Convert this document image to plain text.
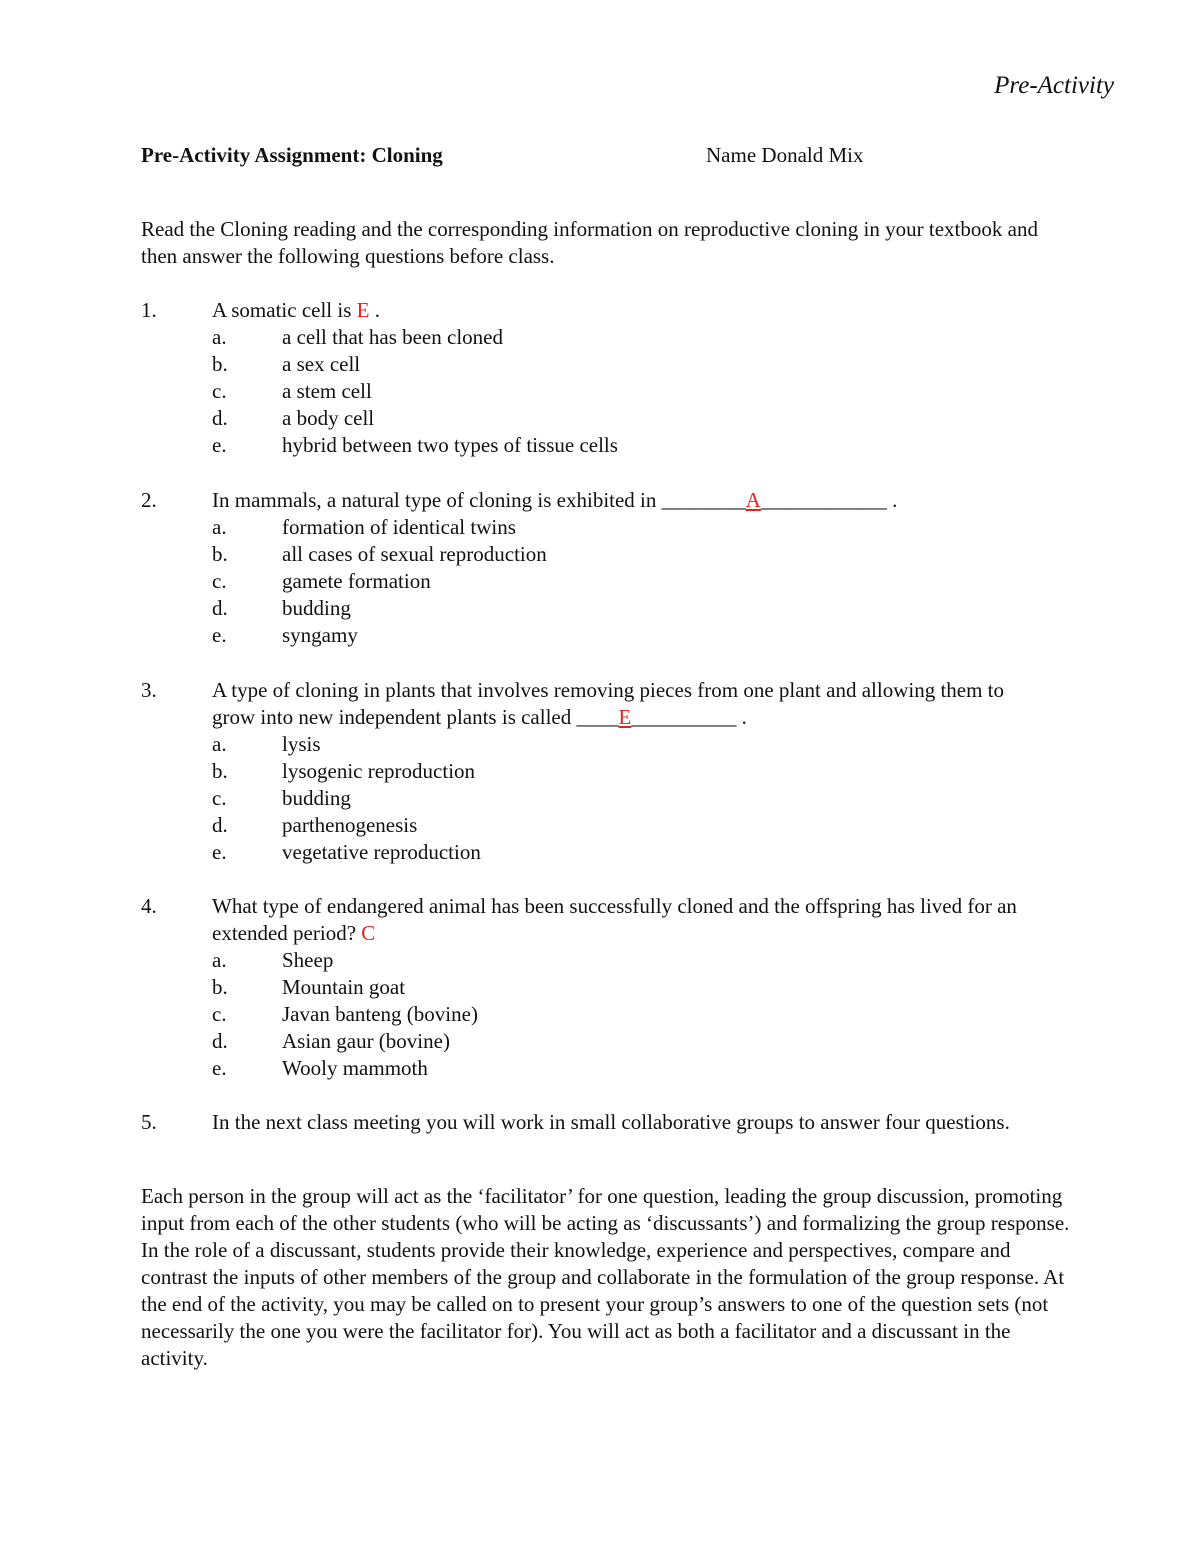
Pre-Activity
Pre-Activity Assignment: Cloning	Name Donald Mix

Read the Cloning reading and the corresponding information on reproductive cloning in your textbook and then answer the following questions before class.

1.	A somatic cell is E .
a.	a cell that has been cloned
b.	a sex cell
c.	a stem cell
d.	a body cell
e.	hybrid between two types of tissue cells
2.	In mammals, a natural type of cloning is exhibited in ________A____________ .
a.	formation of identical twins
b.	all cases of sexual reproduction
c.	gamete formation
d.	budding
e.	syngamy
3.	A type of cloning in plants that involves removing pieces from one plant and allowing them to grow into new independent plants is called ____E__________ .
a.	lysis
b.	lysogenic reproduction
c.	budding
d.	parthenogenesis
e.	vegetative reproduction
4.	What type of endangered animal has been successfully cloned and the offspring has lived for an extended period? C
a.	Sheep
b.	Mountain goat
c.	Javan banteng (bovine)
d.	Asian gaur (bovine)
e.	Wooly mammoth
5.	In the next class meeting you will work in small collaborative groups to answer four questions.

Each person in the group will act as the ‘facilitator’ for one question, leading the group discussion, promoting input from each of the other students (who will be acting as ‘discussants’) and formalizing the group response. In the role of a discussant, students provide their knowledge, experience and perspectives, compare and contrast the inputs of other members of the group and collaborate in the formulation of the group response. At the end of the activity, you may be called on to present your group’s answers to one of the question sets (not necessarily the one you were the facilitator for). You will act as both a facilitator and a discussant in the activity.
